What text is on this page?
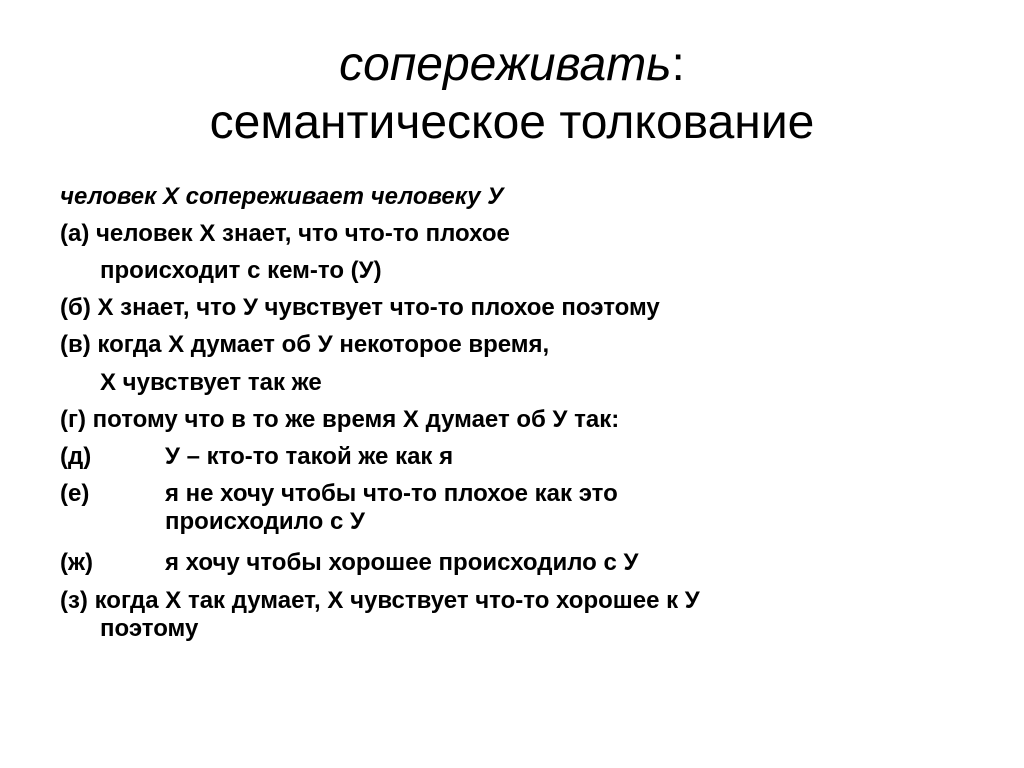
сопереживать:
семантическое толкование
человек X сопереживает человеку У
(а) человек X знает, что что-то плохое
происходит с кем-то (У)
(б) X знает, что У чувствует что-то плохое поэтому
(в) когда X думает об У некоторое время,
X чувствует так же
(г) потому что в то же время X думает об У так:
(д)	У – кто-то такой же как я
(е)	я не хочу чтобы что-то плохое как это
происходило с У
(ж)	я хочу чтобы хорошее происходило с У
(з) когда X так думает, X чувствует что-то хорошее к У
поэтому
